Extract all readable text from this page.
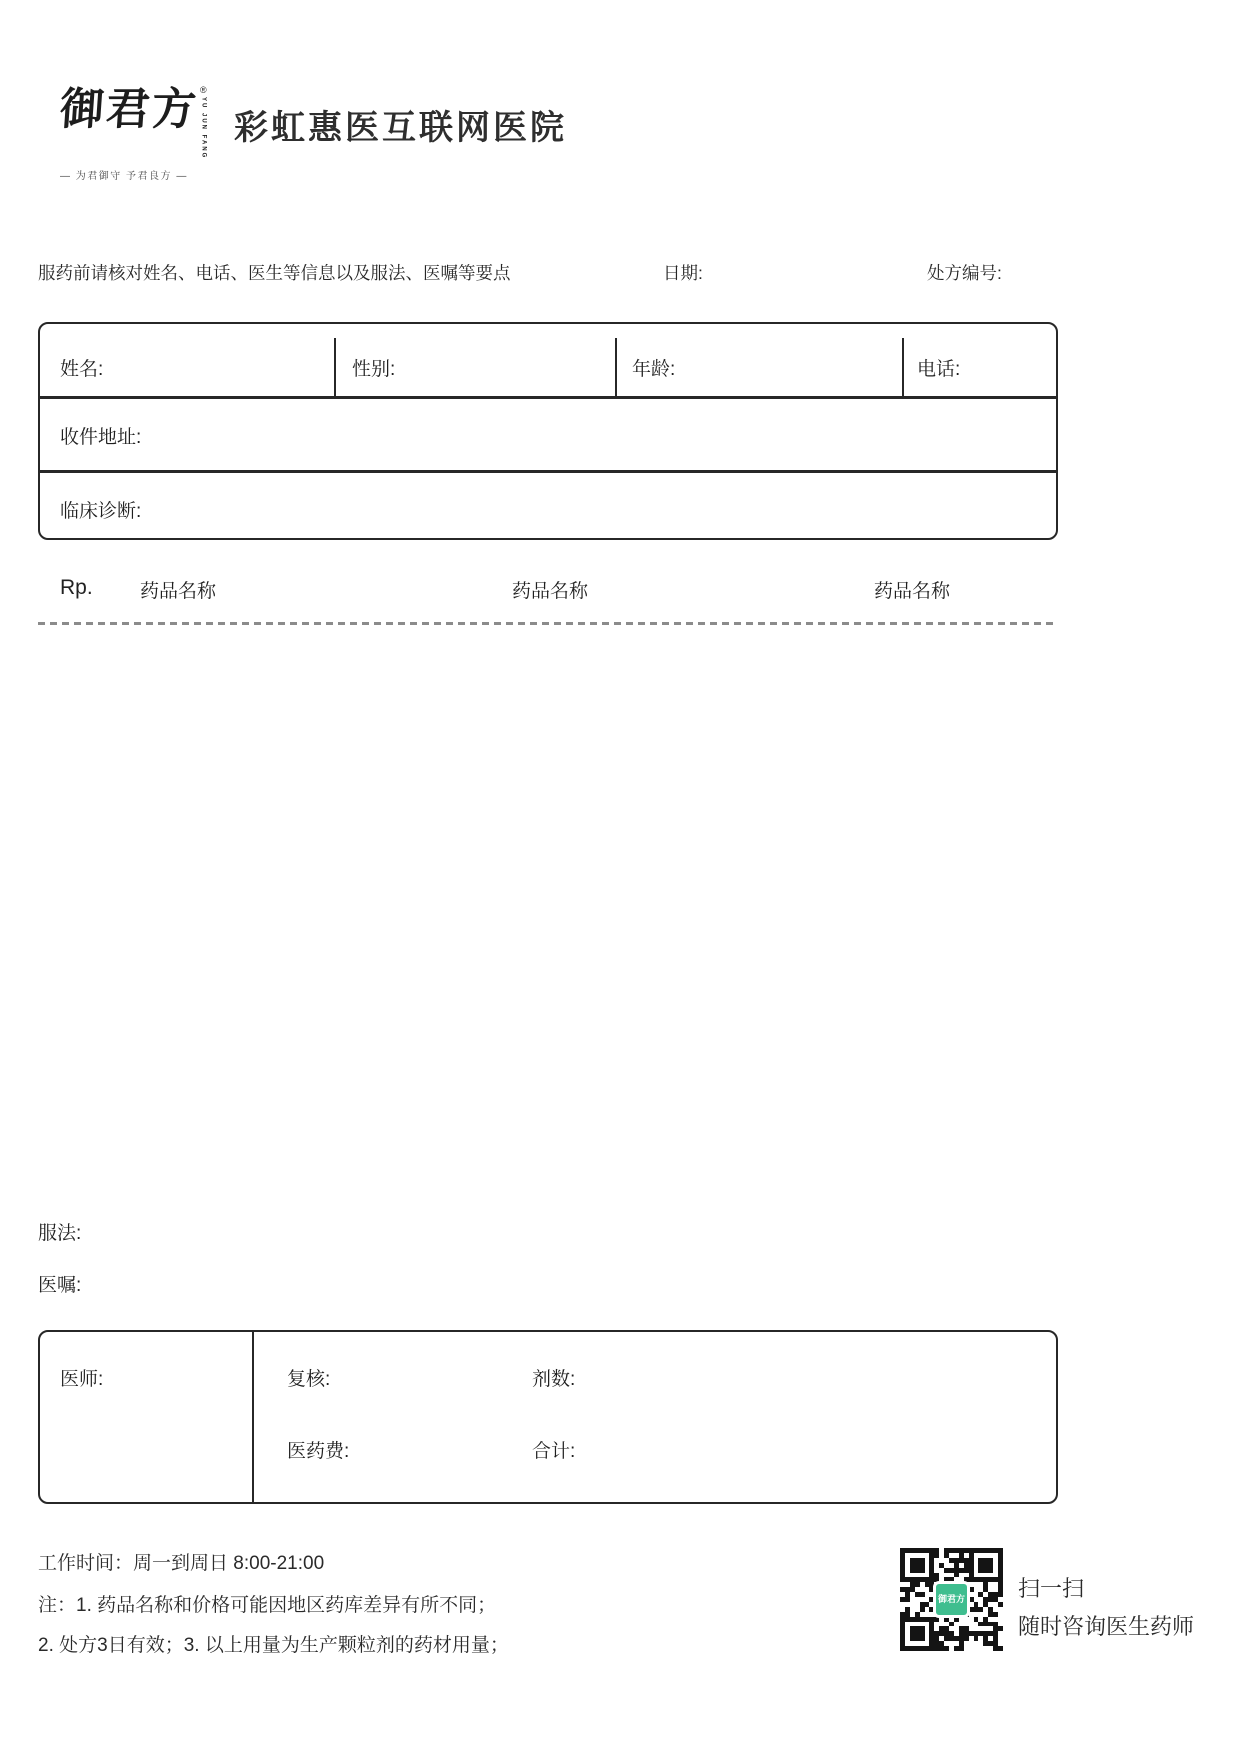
御君方 ®
YU JUN FANG
— 为君御守 予君良方 —
彩虹惠医互联网医院
服药前请核对姓名、电话、医生等信息以及服法、医嘱等要点	日期:	处方编号:
姓名:	性别:	年龄:	电话:
收件地址:
临床诊断:
Rp. 药品名称	药品名称	药品名称
服法:
医嘱:
医师:	复核:	剂数:
医药费:	合计:
工作时间：周一到周日 8:00-21:00
注：1. 药品名称和价格可能因地区药库差异有所不同；
2. 处方3日有效；3. 以上用量为生产颗粒剂的药材用量；
御君方 扫一扫
随时咨询医生药师
